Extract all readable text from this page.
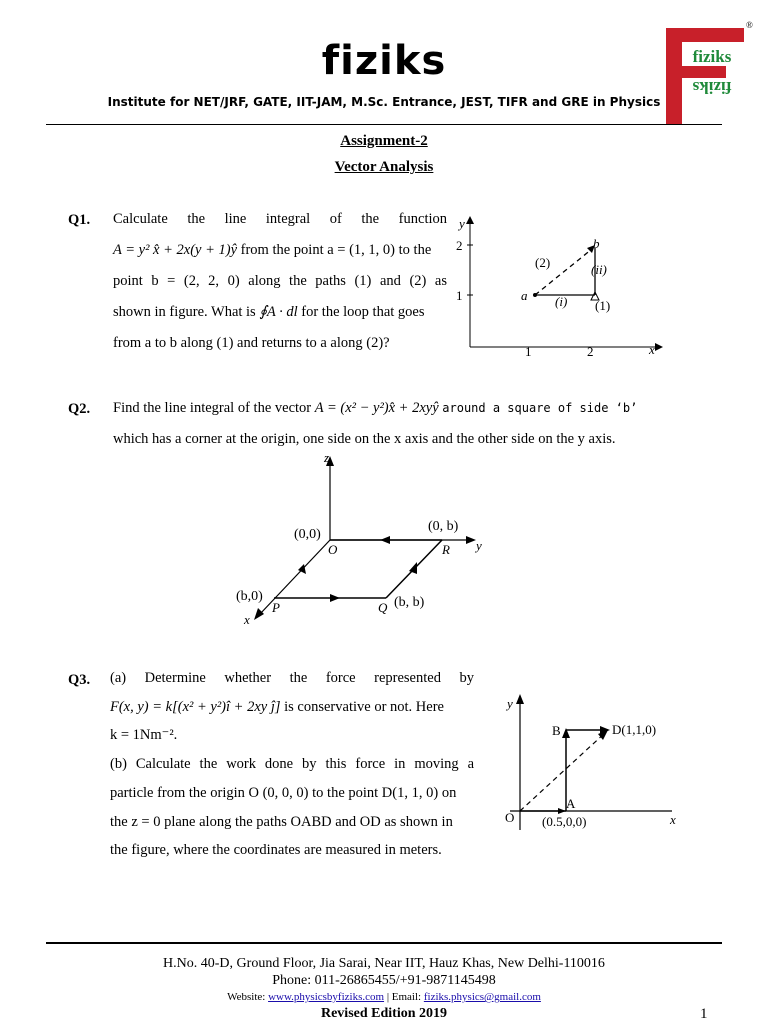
fiziks
Institute for NET/JRF, GATE, IIT-JAM, M.Sc. Entrance, JEST, TIFR and GRE in Physics
fiziks
fiziks
®
Assignment-2
Vector Analysis
Q1. Calculate the line integral of the function
A = y² x̂ + 2x(y + 1)ŷ from the point a = (1, 1, 0) to the
point b = (2, 2, 0) along the paths (1) and (2) as
shown in figure. What is ∮A · dl for the loop that goes
from a to b along (1) and returns to a along (2)?
y
x
2
1
1	2
a
b
(2)	(ii)
(i) (1)
Q2. Find the line integral of the vector A = (x² − y²)x̂ + 2xyŷ around a square of side ‘b’
which has a corner at the origin, one side on the x axis and the other side on the y axis.
z
y
x
(0,0)
O
(0, b)
R
(b,0)
P	(b, b)
Q
Q3. (a) Determine whether the force represented by
F(x, y) = k[(x² + y²)î + 2xy ĵ] is conservative or not. Here
k = 1Nm⁻².
(b) Calculate the work done by this force in moving a
particle from the origin O (0, 0, 0) to the point D(1, 1, 0) on
the z = 0 plane along the paths OABD and OD as shown in
the figure, where the coordinates are measured in meters.
y
x
O
A
(0.5,0,0)
B	D(1,1,0)
H.No. 40-D, Ground Floor, Jia Sarai, Near IIT, Hauz Khas, New Delhi-110016
Phone: 011-26865455/+91-9871145498
Website: www.physicsbyfiziks.com | Email: fiziks.physics@gmail.com
Revised Edition 2019	1
